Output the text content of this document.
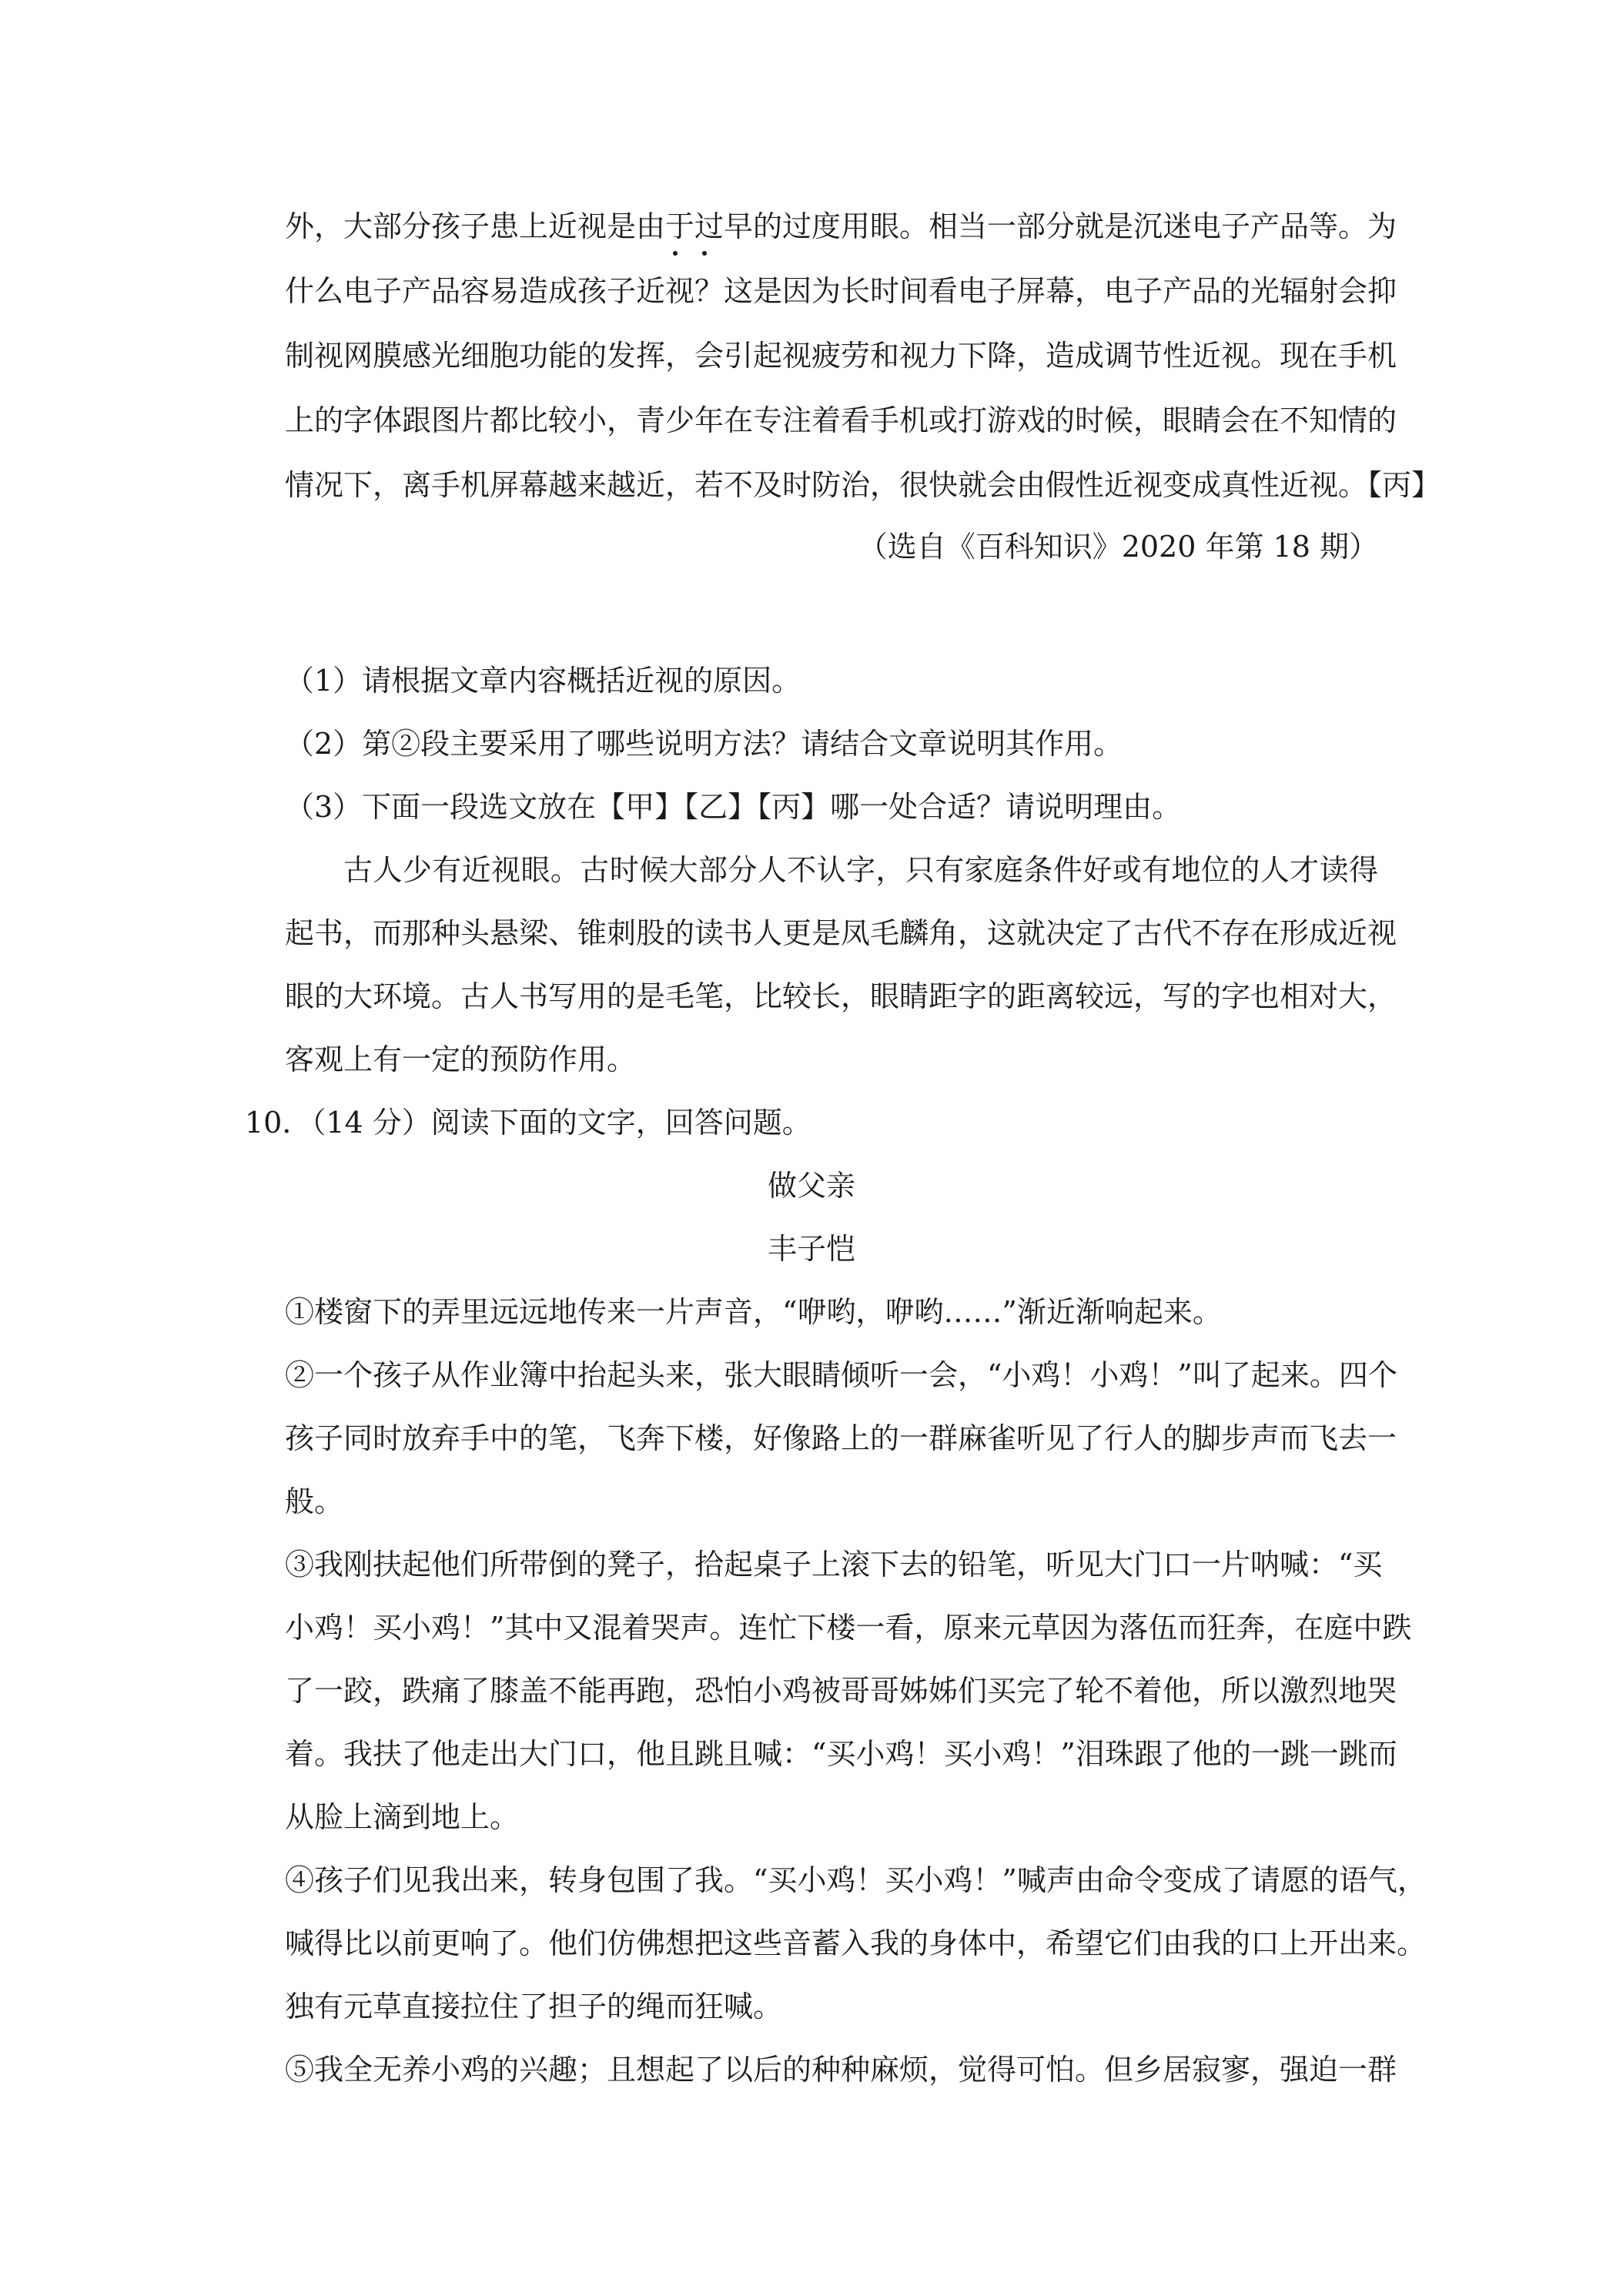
外，大部分孩子患上近视是由于过早的过度用眼。相当一部分就是沉迷电子产品等。为
什么电子产品容易造成孩子近视？这是因为长时间看电子屏幕，电子产品的光辐射会抑
制视网膜感光细胞功能的发挥，会引起视疲劳和视力下降，造成调节性近视。现在手机
上的字体跟图片都比较小，青少年在专注着看手机或打游戏的时候，眼睛会在不知情的
情况下，离手机屏幕越来越近，若不及时防治，很快就会由假性近视变成真性近视。【丙】
（选自《百科知识》2020 年第 18 期）
（1）请根据文章内容概括近视的原因。
（2）第②段主要采用了哪些说明方法？请结合文章说明其作用。
（3）下面一段选文放在【甲】【乙】【丙】哪一处合适？请说明理由。
古人少有近视眼。古时候大部分人不认字，只有家庭条件好或有地位的人才读得
起书，而那种头悬梁、锥刺股的读书人更是凤毛麟角，这就决定了古代不存在形成近视
眼的大环境。古人书写用的是毛笔，比较长，眼睛距字的距离较远，写的字也相对大，
客观上有一定的预防作用。
10．（14 分）阅读下面的文字，回答问题。
做父亲
丰子恺
①楼窗下的弄里远远地传来一片声音，“咿哟，咿哟……”渐近渐响起来。
②一个孩子从作业簿中抬起头来，张大眼睛倾听一会，“小鸡！小鸡！”叫了起来。四个
孩子同时放弃手中的笔，飞奔下楼，好像路上的一群麻雀听见了行人的脚步声而飞去一
般。
③我刚扶起他们所带倒的凳子，拾起桌子上滚下去的铅笔，听见大门口一片呐喊：“买
小鸡！买小鸡！”其中又混着哭声。连忙下楼一看，原来元草因为落伍而狂奔，在庭中跌
了一跤，跌痛了膝盖不能再跑，恐怕小鸡被哥哥姊姊们买完了轮不着他，所以激烈地哭
着。我扶了他走出大门口，他且跳且喊：“买小鸡！买小鸡！”泪珠跟了他的一跳一跳而
从脸上滴到地上。
④孩子们见我出来，转身包围了我。“买小鸡！买小鸡！”喊声由命令变成了请愿的语气，
喊得比以前更响了。他们仿佛想把这些音蓄入我的身体中，希望它们由我的口上开出来。
独有元草直接拉住了担子的绳而狂喊。
⑤我全无养小鸡的兴趣；且想起了以后的种种麻烦，觉得可怕。但乡居寂寥，强迫一群
